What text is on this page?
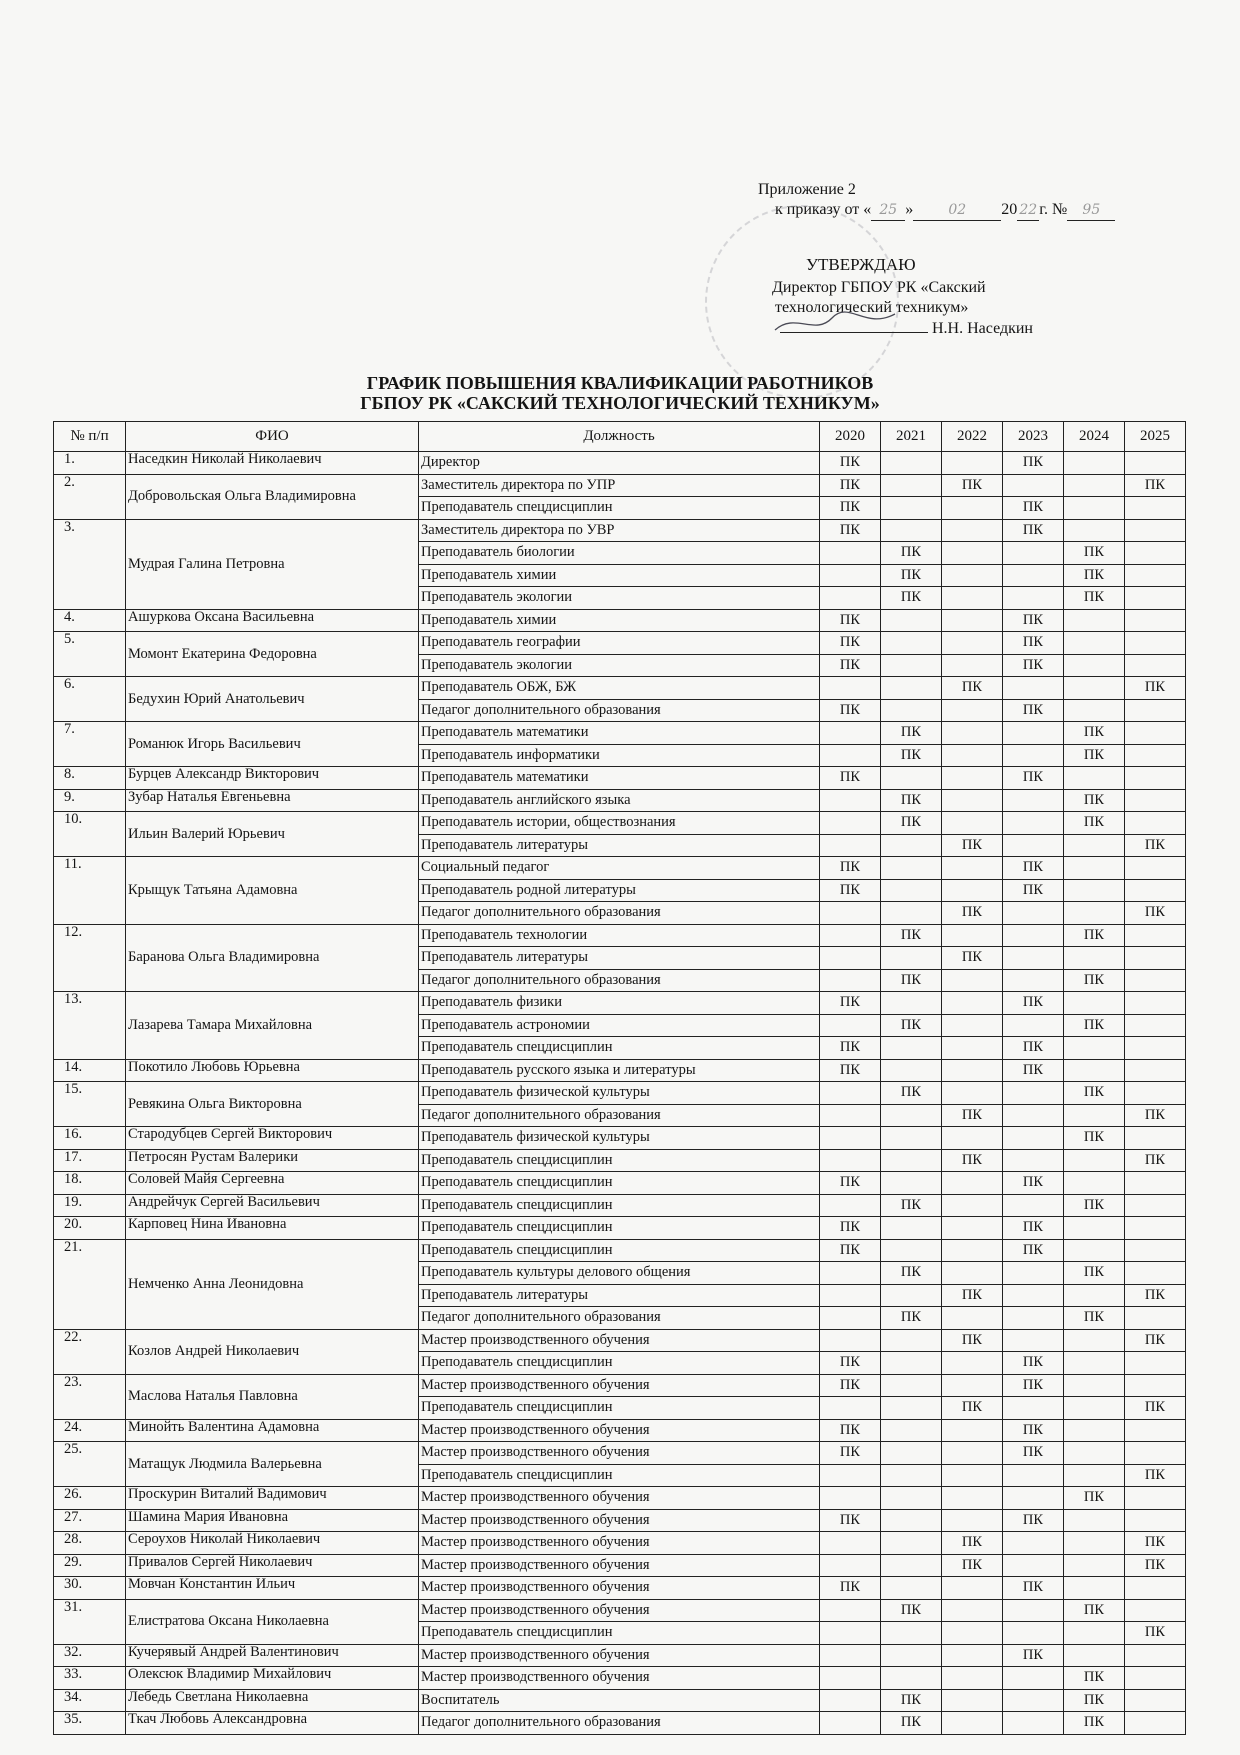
Приложение 2
к приказу от « 25 »	02 20 22 г. № 95
УТВЕРЖДАЮ
Директор ГБПОУ РК «Сакский
технологический техникум»
Н.Н. Наседкин
ГРАФИК ПОВЫШЕНИЯ КВАЛИФИКАЦИИ РАБОТНИКОВ
ГБПОУ РК «САКСКИЙ ТЕХНОЛОГИЧЕСКИЙ ТЕХНИКУМ»
№ п/п	ФИО	Должность	2020	2021	2022	2023	2024	2025
1.	Наседкин Николай Николаевич	Директор	ПК			ПК		
2.	Добровольская Ольга Владимировна	Заместитель директора по УПР	ПК		ПК			ПК
		Преподаватель спецдисциплин	ПК			ПК		
3.	Мудрая Галина Петровна	Заместитель директора по УВР	ПК			ПК		
		Преподаватель биологии		ПК			ПК	
		Преподаватель химии		ПК			ПК	
		Преподаватель экологии		ПК			ПК	
4.	Ашуркова Оксана Васильевна	Преподаватель химии	ПК			ПК		
5.	Момонт Екатерина Федоровна	Преподаватель географии	ПК			ПК		
		Преподаватель экологии	ПК			ПК		
6.	Бедухин Юрий Анатольевич	Преподаватель ОБЖ, БЖ			ПК			ПК
		Педагог дополнительного образования	ПК			ПК		
7.	Романюк Игорь Васильевич	Преподаватель математики		ПК			ПК	
		Преподаватель информатики		ПК			ПК	
8.	Бурцев Александр Викторович	Преподаватель математики	ПК			ПК		
9.	Зубар Наталья Евгеньевна	Преподаватель английского языка		ПК			ПК	
10.	Ильин Валерий Юрьевич	Преподаватель истории, обществознания		ПК			ПК	
		Преподаватель литературы			ПК			ПК
11.	Крыщук Татьяна Адамовна	Социальный педагог	ПК			ПК		
		Преподаватель родной литературы	ПК			ПК		
		Педагог дополнительного образования			ПК			ПК
12.	Баранова Ольга Владимировна	Преподаватель технологии		ПК			ПК	
		Преподаватель литературы			ПК			
		Педагог дополнительного образования		ПК			ПК	
13.	Лазарева Тамара Михайловна	Преподаватель физики	ПК			ПК		
		Преподаватель астрономии		ПК			ПК	
		Преподаватель спецдисциплин	ПК			ПК		
14.	Покотило Любовь Юрьевна	Преподаватель русского языка и литературы	ПК			ПК		
15.	Ревякина Ольга Викторовна	Преподаватель физической культуры		ПК			ПК	
		Педагог дополнительного образования			ПК			ПК
16.	Стародубцев Сергей Викторович	Преподаватель физической культуры					ПК	
17.	Петросян Рустам Валерики	Преподаватель спецдисциплин			ПК			ПК
18.	Соловей Майя Сергеевна	Преподаватель спецдисциплин	ПК			ПК		
19.	Андрейчук Сергей Васильевич	Преподаватель спецдисциплин		ПК			ПК	
20.	Карповец Нина Ивановна	Преподаватель спецдисциплин	ПК			ПК		
21.	Немченко Анна Леонидовна	Преподаватель спецдисциплин	ПК			ПК		
		Преподаватель культуры делового общения		ПК			ПК	
		Преподаватель литературы			ПК			ПК
		Педагог дополнительного образования		ПК			ПК	
22.	Козлов Андрей Николаевич	Мастер производственного обучения			ПК			ПК
		Преподаватель спецдисциплин	ПК			ПК		
23.	Маслова Наталья Павловна	Мастер производственного обучения	ПК			ПК		
		Преподаватель спецдисциплин			ПК			ПК
24.	Минойть Валентина Адамовна	Мастер производственного обучения	ПК			ПК		
25.	Матащук Людмила Валерьевна	Мастер производственного обучения	ПК			ПК		
		Преподаватель спецдисциплин						ПК
26.	Проскурин Виталий Вадимович	Мастер производственного обучения					ПК	
27.	Шамина Мария Ивановна	Мастер производственного обучения	ПК			ПК		
28.	Сероухов Николай Николаевич	Мастер производственного обучения			ПК			ПК
29.	Привалов Сергей Николаевич	Мастер производственного обучения			ПК			ПК
30.	Мовчан Константин Ильич	Мастер производственного обучения	ПК			ПК		
31.	Елистратова Оксана Николаевна	Мастер производственного обучения		ПК			ПК	
		Преподаватель спецдисциплин						ПК
32.	Кучерявый Андрей Валентинович	Мастер производственного обучения				ПК		
33.	Олексюк Владимир Михайлович	Мастер производственного обучения					ПК	
34.	Лебедь Светлана Николаевна	Воспитатель		ПК			ПК	
35.	Ткач Любовь Александровна	Педагог дополнительного образования		ПК			ПК	
